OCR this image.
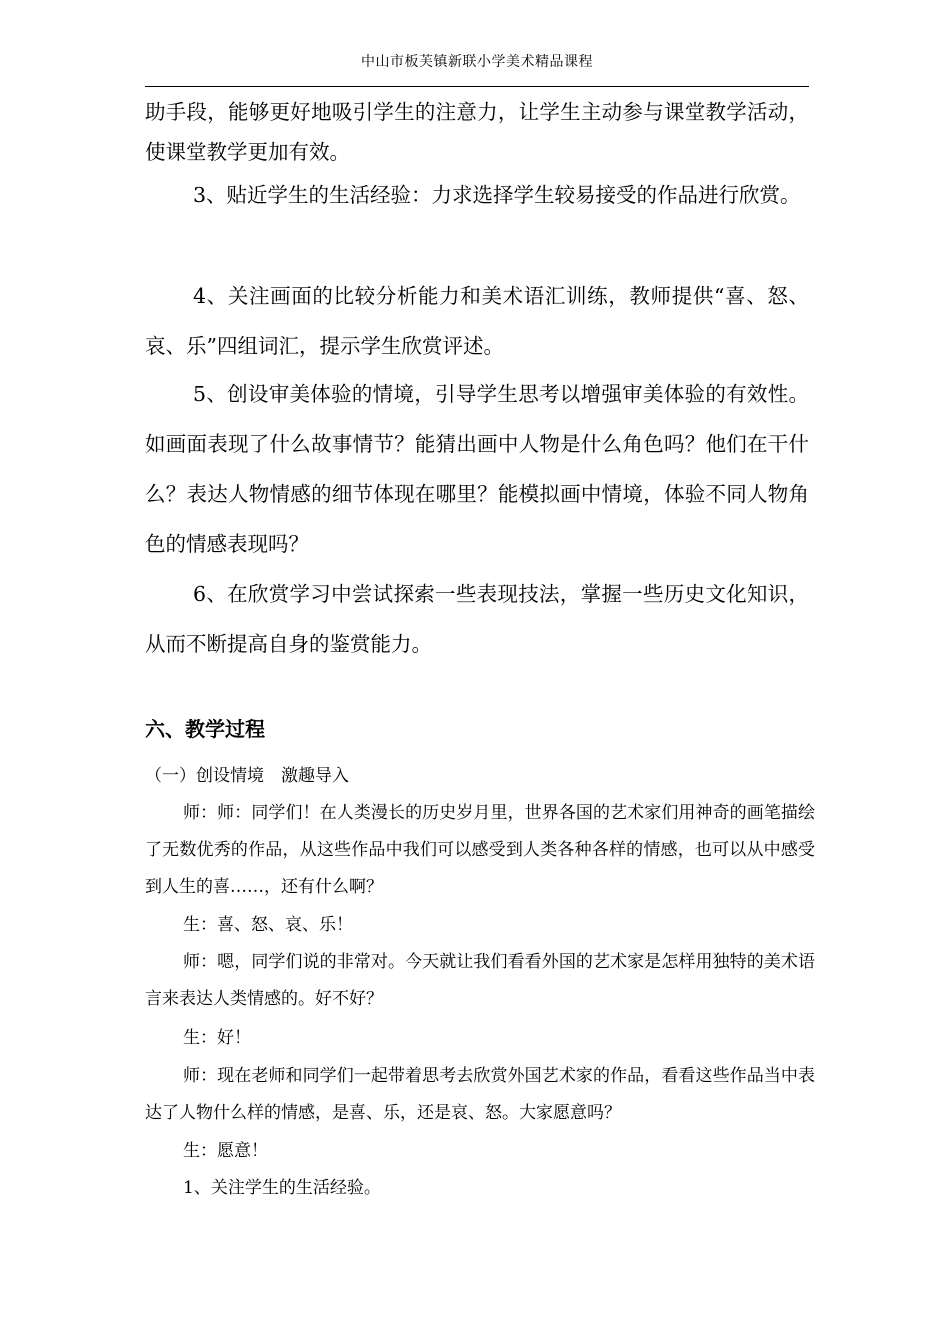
中山市板芙镇新联小学美术精品课程

助手段，能够更好地吸引学生的注意力，让学生主动参与课堂教学活动，使课堂教学更加有效。

3、贴近学生的生活经验：力求选择学生较易接受的作品进行欣赏。

4、关注画面的比较分析能力和美术语汇训练，教师提供“喜、怒、哀、乐”四组词汇，提示学生欣赏评述。

5、创设审美体验的情境，引导学生思考以增强审美体验的有效性。如画面表现了什么故事情节？能猜出画中人物是什么角色吗？他们在干什么？表达人物情感的细节体现在哪里？能模拟画中情境，体验不同人物角色的情感表现吗？

6、在欣赏学习中尝试探索一些表现技法，掌握一些历史文化知识，从而不断提高自身的鉴赏能力。

六、教学过程

（一）创设情境　激趣导入

师：师：同学们！在人类漫长的历史岁月里，世界各国的艺术家们用神奇的画笔描绘了无数优秀的作品，从这些作品中我们可以感受到人类各种各样的情感，也可以从中感受到人生的喜……，还有什么啊？

生：喜、怒、哀、乐！

师：嗯，同学们说的非常对。今天就让我们看看外国的艺术家是怎样用独特的美术语言来表达人类情感的。好不好？

生：好！

师：现在老师和同学们一起带着思考去欣赏外国艺术家的作品，看看这些作品当中表达了人物什么样的情感，是喜、乐，还是哀、怒。大家愿意吗？

生：愿意！

1、关注学生的生活经验。
